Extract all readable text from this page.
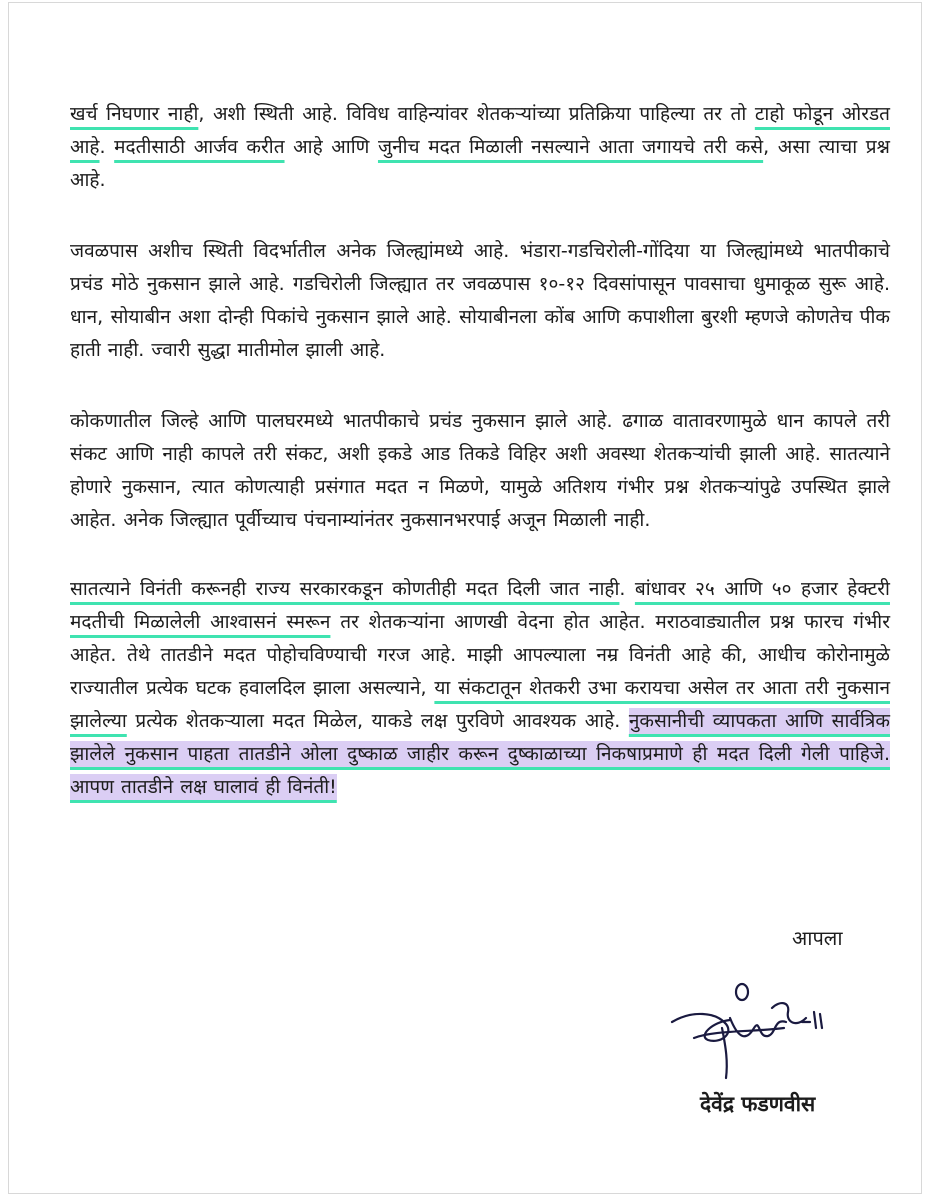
खर्च निघणार नाही, अशी स्थिती आहे. विविध वाहिन्यांवर शेतकऱ्यांच्या प्रतिक्रिया पाहिल्या तर तो टाहो फोडून ओरडत आहे. मदतीसाठी आर्जव करीत आहे आणि जुनीच मदत मिळाली नसल्याने आता जगायचे तरी कसे, असा त्याचा प्रश्न आहे.

जवळपास अशीच स्थिती विदर्भातील अनेक जिल्ह्यांमध्ये आहे. भंडारा-गडचिरोली-गोंदिया या जिल्ह्यांमध्ये भातपीकाचे प्रचंड मोठे नुकसान झाले आहे. गडचिरोली जिल्ह्यात तर जवळपास १०-१२ दिवसांपासून पावसाचा धुमाकूळ सुरू आहे. धान, सोयाबीन अशा दोन्ही पिकांचे नुकसान झाले आहे. सोयाबीनला कोंब आणि कपाशीला बुरशी म्हणजे कोणतेच पीक हाती नाही. ज्वारी सुद्धा मातीमोल झाली आहे.

कोकणातील जिल्हे आणि पालघरमध्ये भातपीकाचे प्रचंड नुकसान झाले आहे. ढगाळ वातावरणामुळे धान कापले तरी संकट आणि नाही कापले तरी संकट, अशी इकडे आड तिकडे विहिर अशी अवस्था शेतकऱ्यांची झाली आहे. सातत्याने होणारे नुकसान, त्यात कोणत्याही प्रसंगात मदत न मिळणे, यामुळे अतिशय गंभीर प्रश्न शेतकऱ्यांपुढे उपस्थित झाले आहेत. अनेक जिल्ह्यात पूर्वीच्याच पंचनाम्यांनंतर नुकसानभरपाई अजून मिळाली नाही.

सातत्याने विनंती करूनही राज्य सरकारकडून कोणतीही मदत दिली जात नाही. बांधावर २५ आणि ५० हजार हेक्टरी मदतीची मिळालेली आश्वासनं स्मरून तर शेतकऱ्यांना आणखी वेदना होत आहेत. मराठवाड्यातील प्रश्न फारच गंभीर आहेत. तेथे तातडीने मदत पोहोचविण्याची गरज आहे. माझी आपल्याला नम्र विनंती आहे की, आधीच कोरोनामुळे राज्यातील प्रत्येक घटक हवालदिल झाला असल्याने, या संकटातून शेतकरी उभा करायचा असेल तर आता तरी नुकसान झालेल्या प्रत्येक शेतकऱ्याला मदत मिळेल, याकडे लक्ष पुरविणे आवश्यक आहे. नुकसानीची व्यापकता आणि सार्वत्रिक झालेले नुकसान पाहता तातडीने ओला दुष्काळ जाहीर करून दुष्काळाच्या निकषाप्रमाणे ही मदत दिली गेली पाहिजे. आपण तातडीने लक्ष घालावं ही विनंती!

आपला
देवेंद्र फडणवीस
